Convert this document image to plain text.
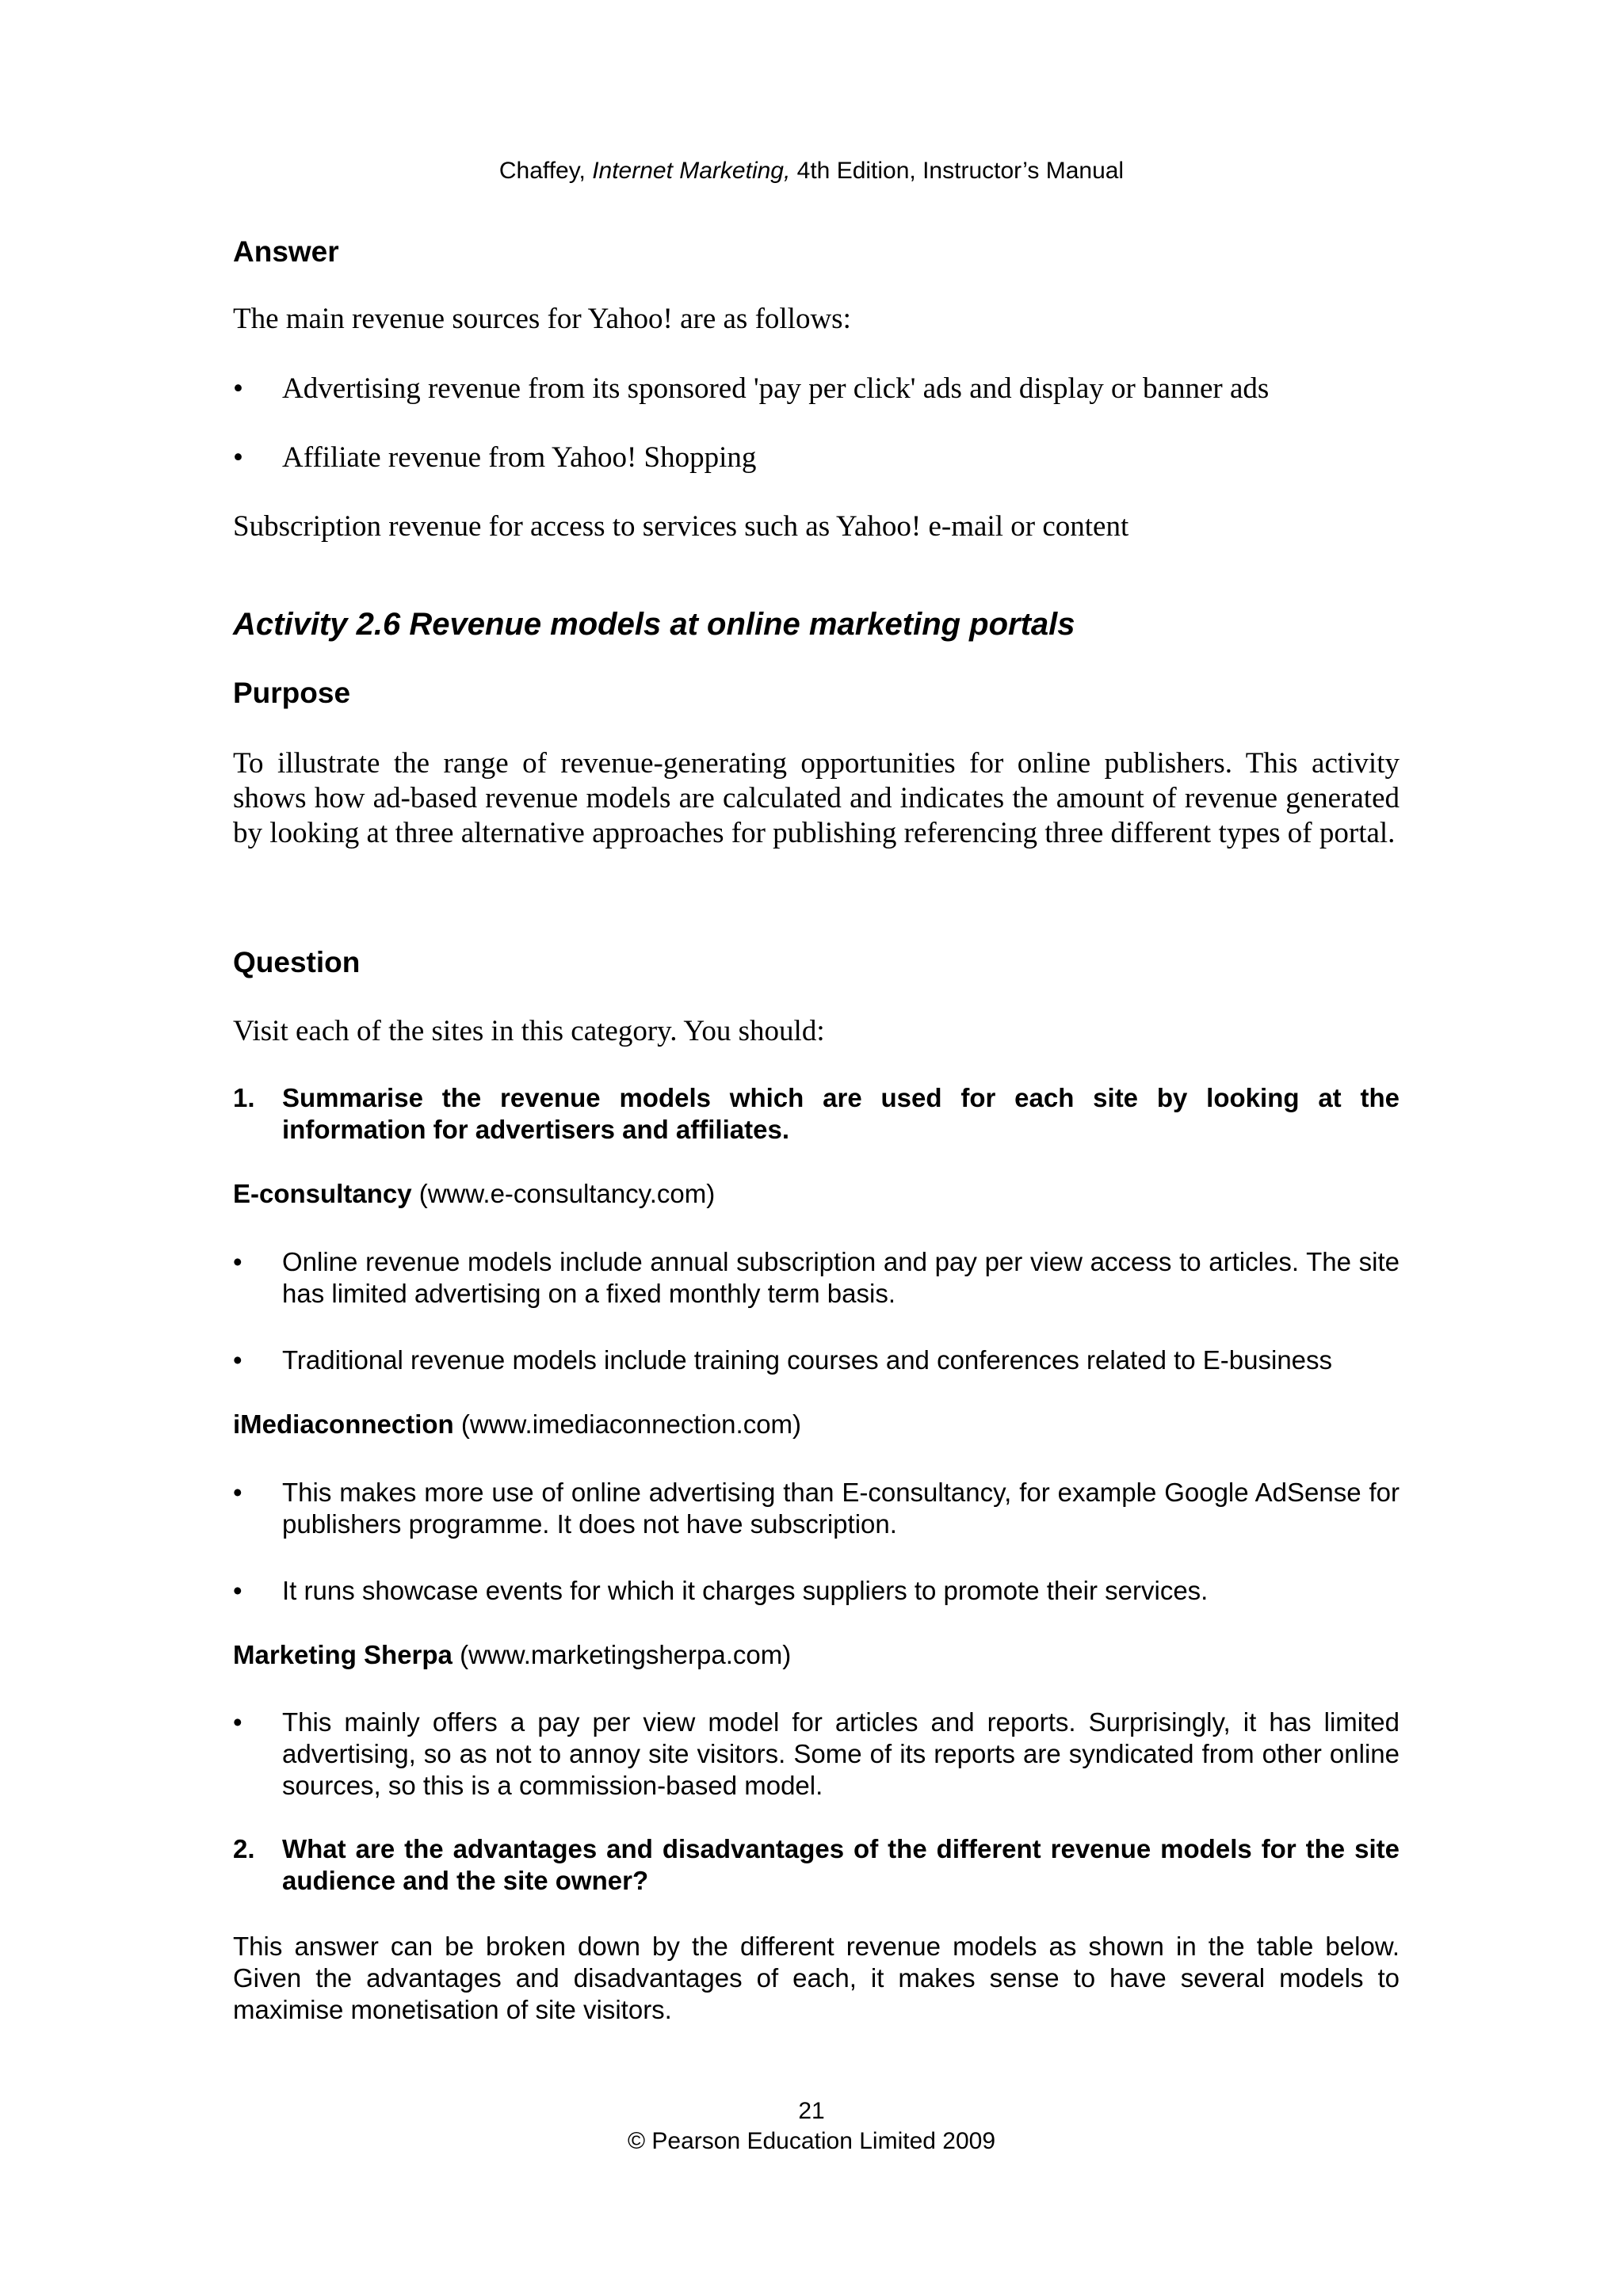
Chaffey, Internet Marketing, 4th Edition, Instructor’s Manual
Answer
The main revenue sources for Yahoo! are as follows:
•	Advertising revenue from its sponsored 'pay per click' ads and display or banner ads
•	Affiliate revenue from Yahoo! Shopping
Subscription revenue for access to services such as Yahoo! e-mail or content
Activity 2.6 Revenue models at online marketing portals
Purpose
To illustrate the range of revenue-generating opportunities for online publishers. This activity shows how ad-based revenue models are calculated and indicates the amount of revenue generated by looking at three alternative approaches for publishing referencing three different types of portal.
Question
Visit each of the sites in this category. You should:
1. Summarise the revenue models which are used for each site by looking at the information for advertisers and affiliates.
E-consultancy (www.e-consultancy.com)
•	Online revenue models include annual subscription and pay per view access to articles. The site has limited advertising on a fixed monthly term basis.
•	Traditional revenue models include training courses and conferences related to E-business
iMediaconnection (www.imediaconnection.com)
•	This makes more use of online advertising than E-consultancy, for example Google AdSense for publishers programme. It does not have subscription.
•	It runs showcase events for which it charges suppliers to promote their services.
Marketing Sherpa (www.marketingsherpa.com)
•	This mainly offers a pay per view model for articles and reports. Surprisingly, it has limited advertising, so as not to annoy site visitors. Some of its reports are syndicated from other online sources, so this is a commission-based model.
2. What are the advantages and disadvantages of the different revenue models for the site audience and the site owner?
This answer can be broken down by the different revenue models as shown in the table below. Given the advantages and disadvantages of each, it makes sense to have several models to maximise monetisation of site visitors.
21
© Pearson Education Limited 2009
